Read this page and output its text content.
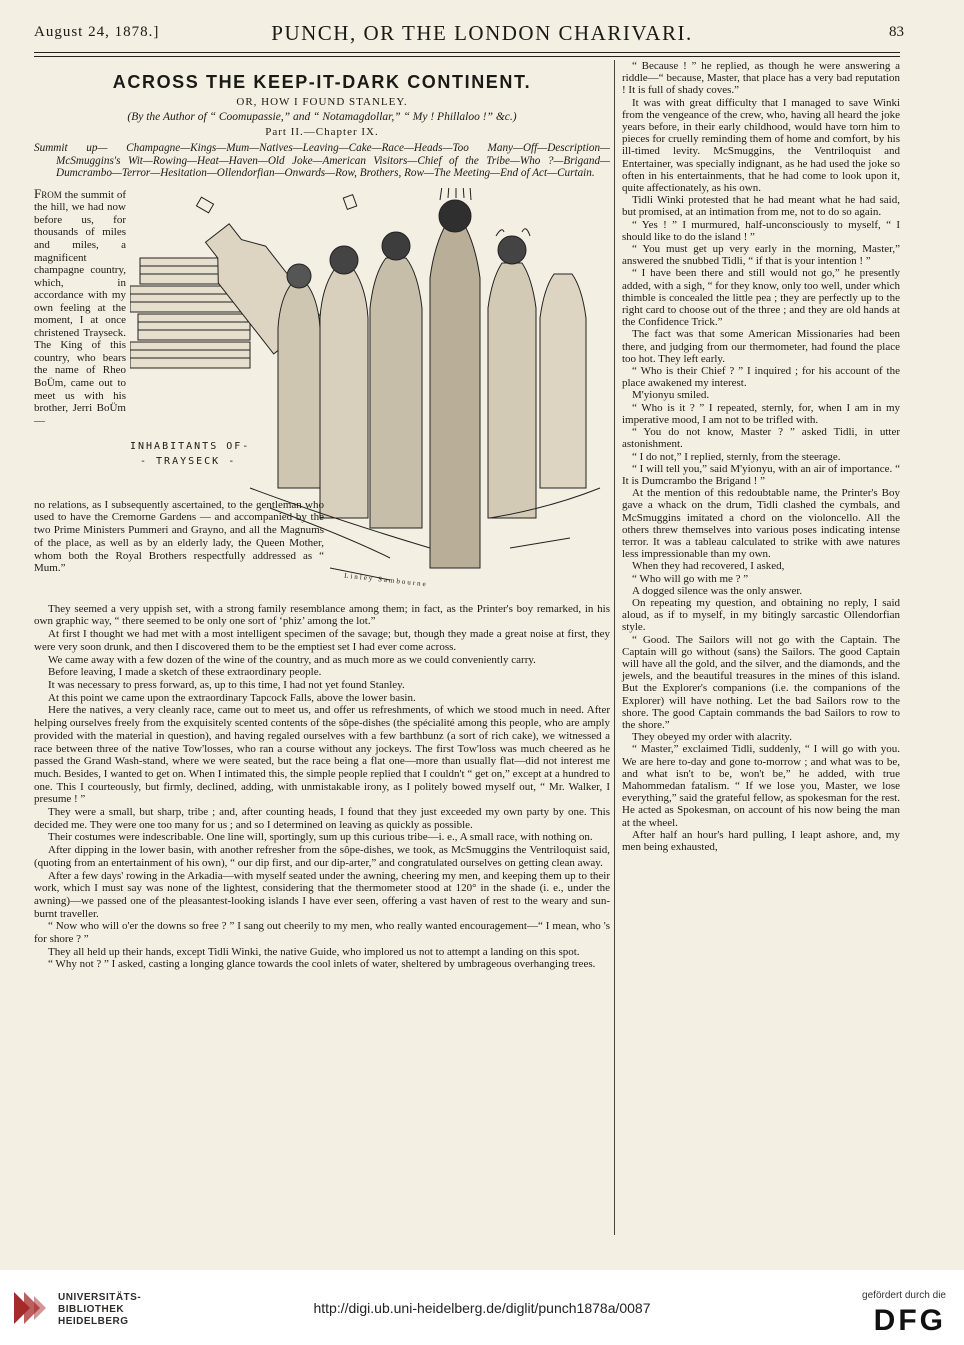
August 24, 1878.]	PUNCH, OR THE LONDON CHARIVARI.	83
ACROSS THE KEEP-IT-DARK CONTINENT.

OR, HOW I FOUND STANLEY.

(By the Author of “ Coomupassie,” and “ Notamagdollar,” “ My ! Phillaloo !” &c.)

Part II.—Chapter IX.

Summit up— Champagne—Kings—Mum—Natives—Leaving—Cake—Race—Heads—Too Many—Off—Description—McSmuggins's Wit—Rowing—Heat—Haven—Old Joke—American Visitors—Chief of the Tribe—Who ?—Brigand—Dumcrambo—Terror—Hesitation—Ollendorfian—Onwards—Row, Brothers, Row—The Meeting—End of Act—Curtain.

From the summit of the hill, we had now before us, for thousands of miles and miles, a magnificent champagne country, which, in accordance with my own feeling at the moment, I at once christened Trayseck. The King of this country, who bears the name of Rheo BoÜm, came out to meet us with his brother, Jerri BoÜm—
INHABITANTS OF-
- TRAYSECK -
Linley Sambourne
no relations, as I subsequently ascertained, to the gentleman who used to have the Cremorne Gardens — and accompanied by the two Prime Ministers Pummeri and Grayno, and all the Magnums of the place, as well as by an elderly lady, the Queen Mother, whom both the Royal Brothers respectfully addressed as “ Mum.”

They seemed a very uppish set, with a strong family resemblance among them; in fact, as the Printer's boy remarked, in his own graphic way, “ there seemed to be only one sort of ‘phiz’ among the lot.”

At first I thought we had met with a most intelligent specimen of the savage; but, though they made a great noise at first, they were very soon drunk, and then I discovered them to be the emptiest set I had ever come across.

We came away with a few dozen of the wine of the country, and as much more as we could conveniently carry.

Before leaving, I made a sketch of these extraordinary people.

It was necessary to press forward, as, up to this time, I had not yet found Stanley.

At this point we came upon the extraordinary Tapcock Falls, above the lower basin.

Here the natives, a very cleanly race, came out to meet us, and offer us refreshments, of which we stood much in need. After helping ourselves freely from the exquisitely scented contents of the sôpe-dishes (the spécialité among this people, who are amply provided with the material in question), and having regaled ourselves with a few barthbunz (a sort of rich cake), we witnessed a race between three of the native Tow'losses, who ran a course without any jockeys. The first Tow'loss was much cheered as he passed the Grand Wash-stand, where we were seated, but the race being a flat one—more than usually flat—did not interest me much. Besides, I wanted to get on. When I intimated this, the simple people replied that I couldn't “ get on,” except at a hundred to one. This I courteously, but firmly, declined, adding, with unmistakable irony, as I politely bowed myself out, “ Mr. Walker, I presume ! ”

They were a small, but sharp, tribe ; and, after counting heads, I found that they just exceeded my own party by one. This decided me. They were one too many for us ; and so I determined on leaving as quickly as possible.

Their costumes were indescribable. One line will, sportingly, sum up this curious tribe—i. e., A small race, with nothing on.

After dipping in the lower basin, with another refresher from the sôpe-dishes, we took, as McSmuggins the Ventriloquist said, (quoting from an entertainment of his own), “ our dip first, and our dip-arter,” and congratulated ourselves on getting clean away.

After a few days' rowing in the Arkadia—with myself seated under the awning, cheering my men, and keeping them up to their work, which I must say was none of the lightest, considering that the thermometer stood at 120° in the shade (i. e., under the awning)—we passed one of the pleasantest-looking islands I have ever seen, offering a vast haven of rest to the weary and sun-burnt traveller.

“ Now who will o'er the downs so free ? ” I sang out cheerily to my men, who really wanted encouragement—“ I mean, who 's for shore ? ”

They all held up their hands, except Tidli Winki, the native Guide, who implored us not to attempt a landing on this spot.

“ Why not ? ” I asked, casting a longing glance towards the cool inlets of water, sheltered by umbrageous overhanging trees.

“ Because ! ” he replied, as though he were answering a riddle—“ because, Master, that place has a very bad reputation ! It is full of shady coves.”

It was with great difficulty that I managed to save Winki from the vengeance of the crew, who, having all heard the joke years before, in their early childhood, would have torn him to pieces for cruelly reminding them of home and comfort, by his ill-timed levity. McSmuggins, the Ventriloquist and Entertainer, was specially indignant, as he had used the joke so often in his entertainments, that he had come to look upon it, quite affectionately, as his own.

Tidli Winki protested that he had meant what he had said, but promised, at an intimation from me, not to do so again.

“ Yes ! ” I murmured, half-unconsciously to myself, “ I should like to do the island ! ”

“ You must get up very early in the morning, Master,” answered the snubbed Tidli, “ if that is your intention ! ”

“ I have been there and still would not go,” he presently added, with a sigh, “ for they know, only too well, under which thimble is concealed the little pea ; they are perfectly up to the right card to choose out of the three ; and they are old hands at the Confidence Trick.”

The fact was that some American Missionaries had been there, and judging from our thermometer, had found the place too hot. They left early.

“ Who is their Chief ? ” I inquired ; for his account of the place awakened my interest.

M'yionyu smiled.

“ Who is it ? ” I repeated, sternly, for, when I am in my imperative mood, I am not to be trifled with.

“ You do not know, Master ? ” asked Tidli, in utter astonishment.

“ I do not,” I replied, sternly, from the steerage.

“ I will tell you,” said M'yionyu, with an air of importance. “ It is Dumcrambo the Brigand ! ”

At the mention of this redoubtable name, the Printer's Boy gave a whack on the drum, Tidli clashed the cymbals, and McSmuggins imitated a chord on the violoncello. All the others threw themselves into various poses indicating intense terror. It was a tableau calculated to strike with awe natures less impressionable than my own.

When they had recovered, I asked,

“ Who will go with me ? ”

A dogged silence was the only answer.

On repeating my question, and obtaining no reply, I said aloud, as if to myself, in my bitingly sarcastic Ollendorfian style.

“ Good. The Sailors will not go with the Captain. The Captain will go without (sans) the Sailors. The good Captain will have all the gold, and the silver, and the diamonds, and the jewels, and the beautiful treasures in the mines of this island. But the Explorer's companions (i.e. the companions of the Explorer) will have nothing. Let the bad Sailors row to the shore. The good Captain commands the bad Sailors to row to the shore.”

They obeyed my order with alacrity.

“ Master,” exclaimed Tidli, suddenly, “ I will go with you. We are here to-day and gone to-morrow ; and what was to be, and what isn't to be, won't be,” he added, with true Mahommedan fatalism. “ If we lose you, Master, we lose everything,” said the grateful fellow, as spokesman for the rest. He acted as Spokesman, on account of his now being the man at the wheel.

After half an hour's hard pulling, I leapt ashore, and, my men being exhausted,

UNIVERSITÄTS-
BIBLIOTHEK
HEIDELBERG
http://digi.ub.uni-heidelberg.de/diglit/punch1878a/0087
gefördert durch die
DFG
